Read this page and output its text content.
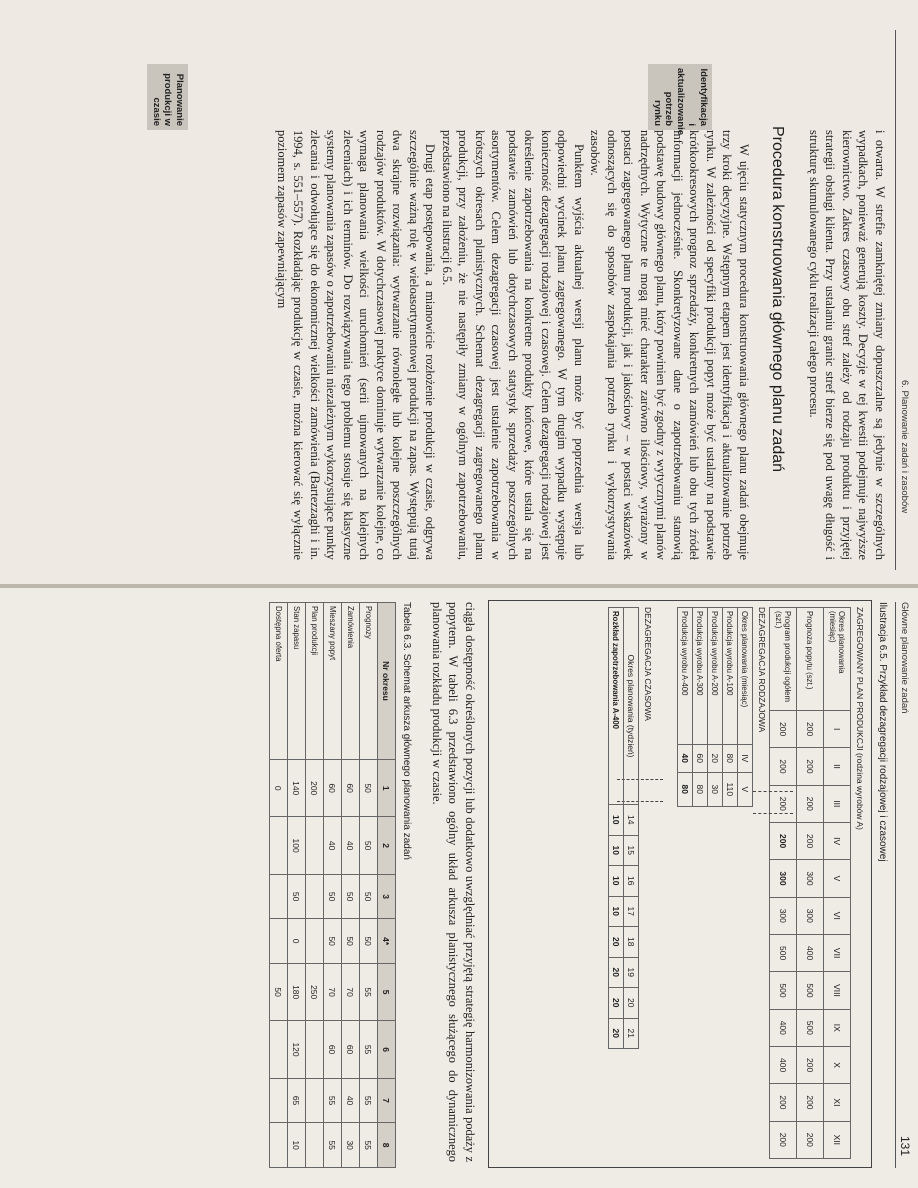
6. Planowanie zadań i zasobów

i otwarta. W strefie zamkniętej zmiany dopuszczalne są jedynie w szczególnych wypadkach, ponieważ generują koszty. Decyzje w tej kwestii podejmuje najwyższe kierownictwo. Zakres czasowy obu stref zależy od rodzaju produktu i przyjętej strategii obsługi klienta. Przy ustalaniu granic stref bierze się pod uwagę długość i strukturę skumulowanego cyklu realizacji całego procesu.

Procedura konstruowania głównego planu zadań
Identyfikacja i aktualizowanie potrzeb rynku
Planowanie produkcji w czasie

W ujęciu statycznym procedura konstruowania głównego planu zadań obejmuje trzy kroki decyzyjne. Wstępnym etapem jest identyfikacja i aktualizowanie potrzeb rynku. W zależności od specyfiki produkcji popyt może być ustalany na podstawie krótkookresowych prognoz sprzedaży, konkretnych zamówień lub obu tych źródeł informacji jednocześnie. Skonkretyzowane dane o zapotrzebowaniu stanowią podstawę budowy głównego planu, który powinien być zgodny z wytycznymi planów nadrzędnych. Wytyczne te mogą mieć charakter zarówno ilościowy, wyrażony w postaci zagregowanego planu produkcji, jak i jakościowy – w postaci wskazówek odnoszących się do sposobów zaspokajania potrzeb rynku i wykorzystywania zasobów.

Punktem wyjścia aktualnej wersji planu może być poprzednia wersja lub odpowiedni wycinek planu zagregowanego. W tym drugim wypadku występuje konieczność dezagregacji rodzajowej i czasowej. Celem dezagregacji rodzajowej jest określenie zapotrzebowania na konkretne produkty końcowe, które ustala się na podstawie zamówień lub dotychczasowych statystyk sprzedaży poszczególnych asortymentów. Celem dezagregacji czasowej jest ustalenie zapotrzebowania w krótszych okresach planistycznych. Schemat dezagregacji zagregowanego planu produkcji, przy założeniu, że nie następiły zmiany w ogólnym zapotrzebowaniu, przedstawiono na ilustracji 6.5.

Drugi etap postępowania, a mianowicie rozłożenie produkcji w czasie, odgrywa szczególnie ważną rolę w wieloasortymentowej produkcji na zapas. Występują tutaj dwa skrajne rozwiązania: wytwarzanie równoległe lub kolejne poszczególnych rodzajów produktów. W dotychczasowej praktyce dominuje wytwarzanie kolejne, co wymaga planowania wielkości uruchomień (serii ujmowanych na kolejnych zleceniach) i ich terminów. Do rozwiązywania tego problemu stosuje się klasyczne systemy planowania zapasów o zapotrzebowaniu niezależnym wykorzystujące punkty zlecania i odwołujące się do ekonomicznej wielkości zamówienia (Bartezzaghi i in. 1994, s. 551–557). Rozkładając produkcję w czasie, można kierować się wyłącznie poziomem zapasów zapewniającym

Główne planowanie zadań
131
Ilustracja 6.5. Przykład dezagregacji rodzajowej i czasowej
ZAGREGOWANY PLAN PRODUKCJI (rodzina wyrobów A)
Okres planowania (miesiąc)	I	II	III	IV	V	VI	VII	VIII	IX	X	XI	XII
Prognoza popytu (szt.)	200	200	200	200	300	300	400	500	500	200	200	200
Program produkcji ogółem (szt.)	200	200	200	200	300	300	500	500	400	400	200	200
DEZAGREGACJA RODZAJOWA
Okres planowania (miesiąc)	IV	V
Produkcja wyrobu A-100	80	110
Produkcja wyrobu A-200	20	30
Produkcja wyrobu A-300	60	80
Produkcja wyrobu A-400	40	80
DEZAGREGACJA CZASOWA
Okres planowania (tydzień)	14	15	16	17	18	19	20	21
Rozkład zapotrzebowania A-400	10	10	10	10	20	20	20	20

ciągła dostępność określonych pozycji lub dodatkowo uwzględniać przyjętą strategię harmonizowania podaży z popytem. W tabeli 6.3 przedstawiono ogólny układ arkusza planistycznego służącego do dynamicznego planowania rozkładu produkcji w czasie.

Tabela 6.3. Schemat arkusza głównego planowania zadań
Nr okresu	1	2	3	4*	5	6	7	8
Prognozy	50	50	50	50	55	55	55	55
Zamówienia	60	40	50	50	70	60	40	30
Mieszany popyt	60	40	50	50	70	60	55	55
Plan produkcji	200				250			
Stan zapasu	140	100	50	0	180	120	65	10
Dostępna oferta	0				50			
